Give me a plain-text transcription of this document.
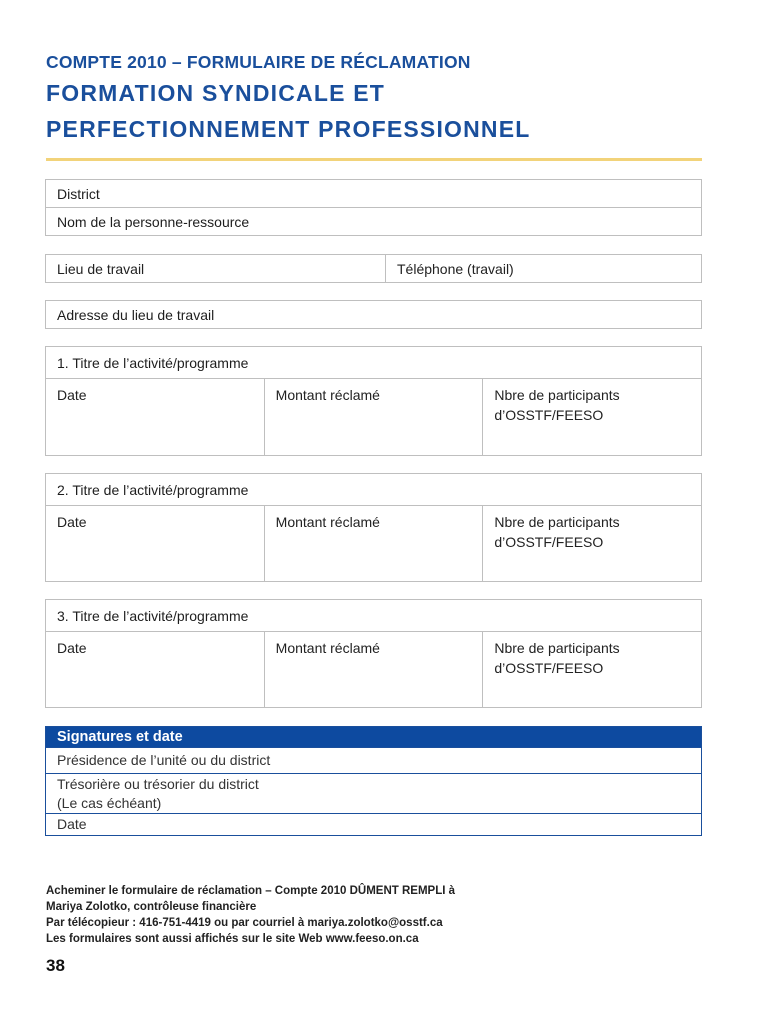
COMPTE 2010 – FORMULAIRE DE RÉCLAMATION
FORMATION SYNDICALE ET
PERFECTIONNEMENT PROFESSIONNEL
District
Nom de la personne-ressource
Lieu de travail	Téléphone (travail)
Adresse du lieu de travail
1. Titre de l’activité/programme
Date	Montant réclamé	Nbre de participants
d’OSSTF/FEESO
2. Titre de l’activité/programme
Date	Montant réclamé	Nbre de participants
d’OSSTF/FEESO
3. Titre de l’activité/programme
Date	Montant réclamé	Nbre de participants
d’OSSTF/FEESO
Signatures et date
Présidence de l’unité ou du district
Trésorière ou trésorier du district
(Le cas échéant)
Date
Acheminer le formulaire de réclamation – Compte 2010 DÛMENT REMPLI à
Mariya Zolotko, contrôleuse financière
Par télécopieur : 416-751-4419 ou par courriel à mariya.zolotko@osstf.ca
Les formulaires sont aussi affichés sur le site Web www.feeso.on.ca
38
